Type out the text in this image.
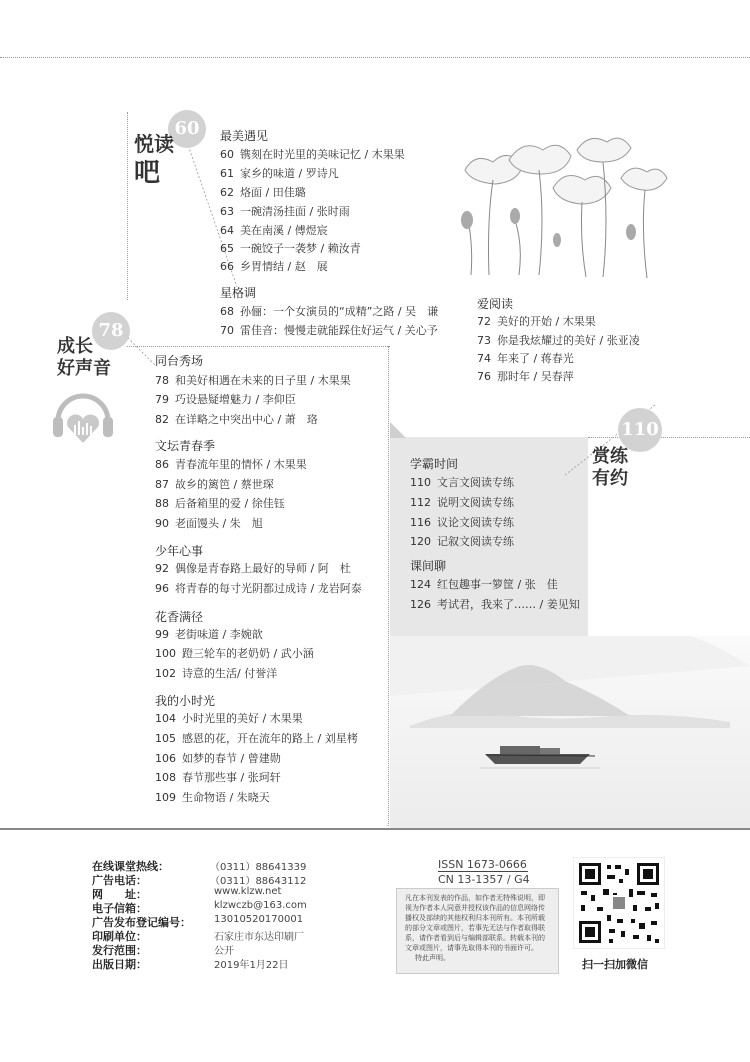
60
悦读
吧
最美遇见
60 镌刻在时光里的美味记忆 / 木果果
61 家乡的味道 / 罗诗凡
62 烙面 / 田佳璐
63 一碗清汤挂面 / 张时雨
64 美在南溪 / 傅煜宸
65 一碗饺子一袭梦 / 赖汝青
66 乡胃情结 / 赵　展
星格调
68 孙俪：一个女演员的“成精”之路 / 吴　谦
70 雷佳音：慢慢走就能踩住好运气 / 关心予
爱阅读
72 美好的开始 / 木果果
73 你是我炫耀过的美好 / 张亚凌
74 年来了 / 蒋春光
76 那时年 / 吴春萍
78
成长
好声音	同台秀场
78 和美好相遇在未来的日子里 / 木果果
79 巧设悬疑增魅力 / 李仰臣
82 在详略之中突出中心 / 萧　珞
文坛青春季
86 青春流年里的情怀 / 木果果
87 故乡的篱笆 / 蔡世琛
88 后备箱里的爱 / 徐佳钰
90 老面馒头 / 朱　旭
少年心事
92 偶像是青春路上最好的导师 / 阿　杜
96 将青春的每寸光阴都过成诗 / 龙岩阿泰
花香满径
99 老街味道 / 李婉歆
100 蹬三轮车的老奶奶 / 武小涵
102 诗意的生活/ 付誉洋
我的小时光
104 小时光里的美好 / 木果果
105 感恩的花，开在流年的路上 / 刘星栲
106 如梦的春节 / 曾建勋
108 春节那些事 / 张珂轩
109 生命物语 / 朱晓天
110
赏练
有约
学霸时间
110 文言文阅读专练
112 说明文阅读专练
116 议论文阅读专练
120 记叙文阅读专练
课间聊
124 红包趣事一箩筐 / 张　佳
126 考试君，我来了…… / 姜见知
在线课堂热线：	（0311）88641339
广告电话：	（0311）88643112
网　　址：	www.klzw.net
电子信箱：	klzwczb@163.com
广告发布登记编号： 13010520170001
印刷单位：	石家庄市东达印刷厂
发行范围：	公开
出版日期：	2019年1月22日
ISSN 1673-0666
CN 13-1357 / G4
凡在本刊发表的作品，如作者无特殊说明，即视为作者本人同意并授权该作品的信息网络传播权及部续的其他权利归本刊所有。本刊所载的部分文章或图片，若事先无法与作者取得联系，请作者看到后与编辑部联系。转载本刊的文章或图片，请事先取得本刊的书面许可。
特此声明。	扫一扫加微信
